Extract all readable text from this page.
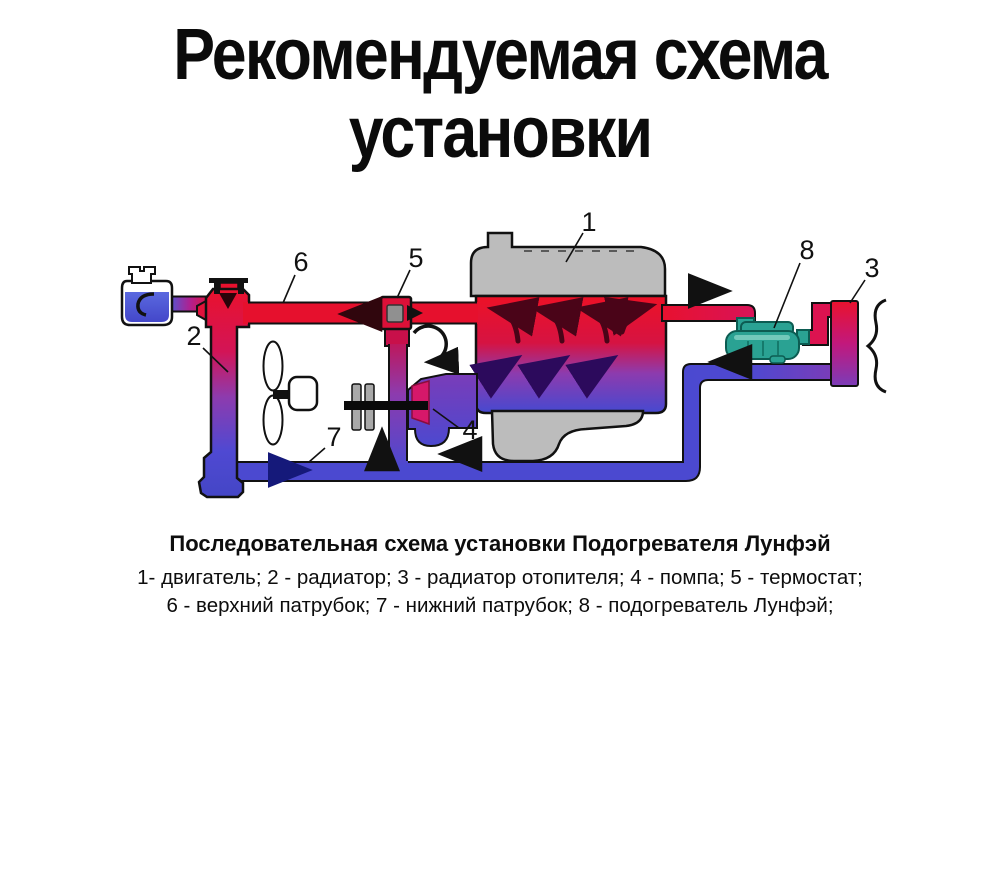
Рекомендуемая схема
установки
1
2
3
4
5
6
7
8
Последовательная схема установки Подогревателя Лунфэй
1- двигатель; 2 - радиатор; 3 - радиатор отопителя; 4 - помпа; 5 - термостат;
6 - верхний патрубок; 7 - нижний патрубок; 8 - подогреватель Лунфэй;
